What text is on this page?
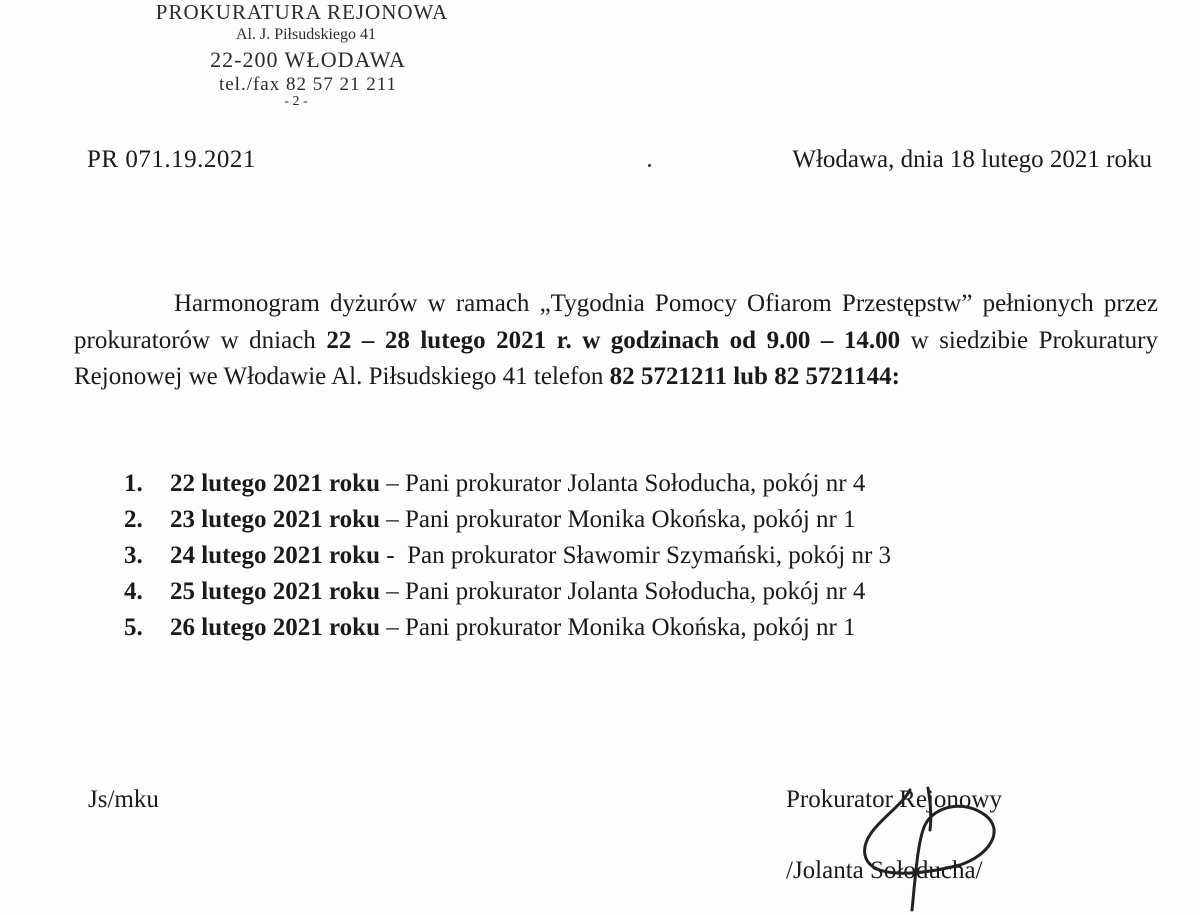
PROKURATURA REJONOWA
Al. J. Piłsudskiego 41
22-200 WŁODAWA
tel./fax 82 57 21 211
- 2 -
PR 071.19.2021	Włodawa, dnia 18 lutego 2021 roku
Harmonogram dyżurów w ramach „Tygodnia Pomocy Ofiarom Przestępstw” pełnionych przez prokuratorów w dniach 22 – 28 lutego 2021 r. w godzinach od 9.00 – 14.00 w siedzibie Prokuratury Rejonowej we Włodawie Al. Piłsudskiego 41 telefon 82 5721211 lub 82 5721144:
1. 22 lutego 2021 roku – Pani prokurator Jolanta Sołoducha, pokój nr 4
2. 23 lutego 2021 roku – Pani prokurator Monika Okońska, pokój nr 1
3. 24 lutego 2021 roku -  Pan prokurator Sławomir Szymański, pokój nr 3
4. 25 lutego 2021 roku – Pani prokurator Jolanta Sołoducha, pokój nr 4
5. 26 lutego 2021 roku – Pani prokurator Monika Okońska, pokój nr 1
Js/mku	Prokurator Rejonowy
/Jolanta Sołoducha/
